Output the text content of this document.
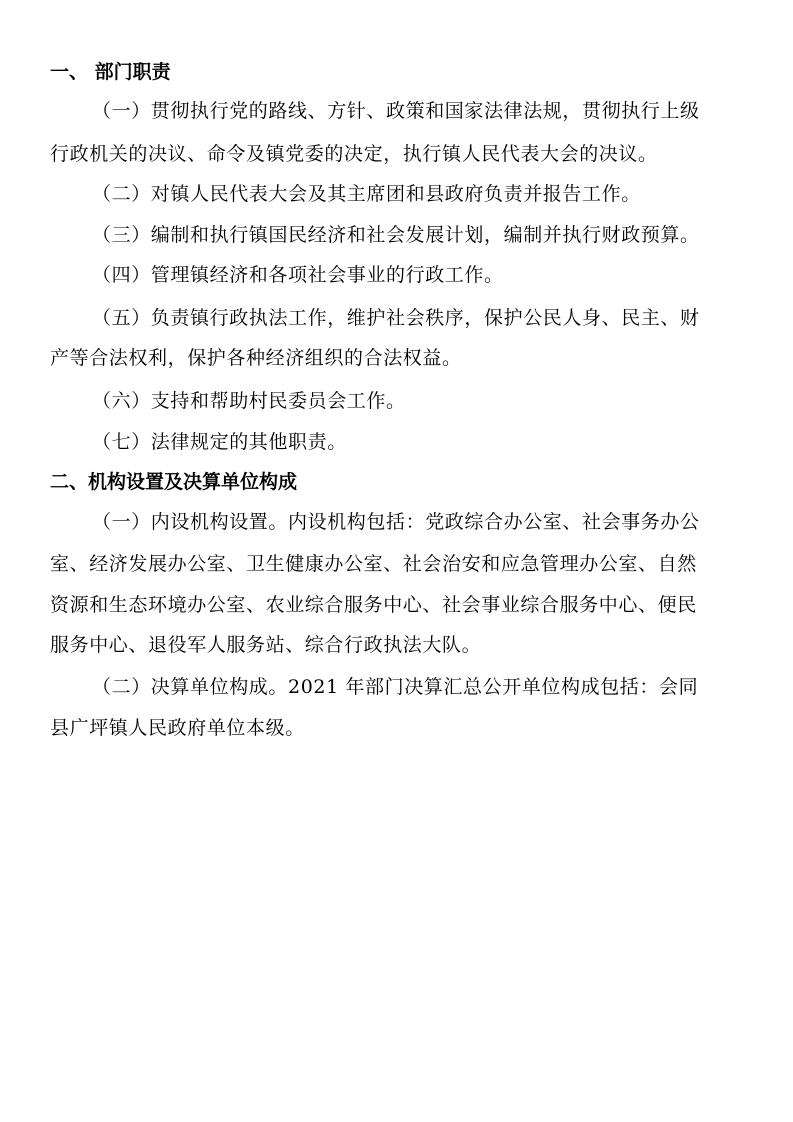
一、 部门职责
（一）贯彻执行党的路线、方针、政策和国家法律法规，贯彻执行上级
行政机关的决议、命令及镇党委的决定，执行镇人民代表大会的决议。
（二）对镇人民代表大会及其主席团和县政府负责并报告工作。
（三）编制和执行镇国民经济和社会发展计划，编制并执行财政预算。
（四）管理镇经济和各项社会事业的行政工作。
（五）负责镇行政执法工作，维护社会秩序，保护公民人身、民主、财
产等合法权利，保护各种经济组织的合法权益。
（六）支持和帮助村民委员会工作。
（七）法律规定的其他职责。
二、机构设置及决算单位构成
（一）内设机构设置。内设机构包括：党政综合办公室、社会事务办公
室、经济发展办公室、卫生健康办公室、社会治安和应急管理办公室、自然
资源和生态环境办公室、农业综合服务中心、社会事业综合服务中心、便民
服务中心、退役军人服务站、综合行政执法大队。
（二）决算单位构成。2021 年部门决算汇总公开单位构成包括：会同
县广坪镇人民政府单位本级。
